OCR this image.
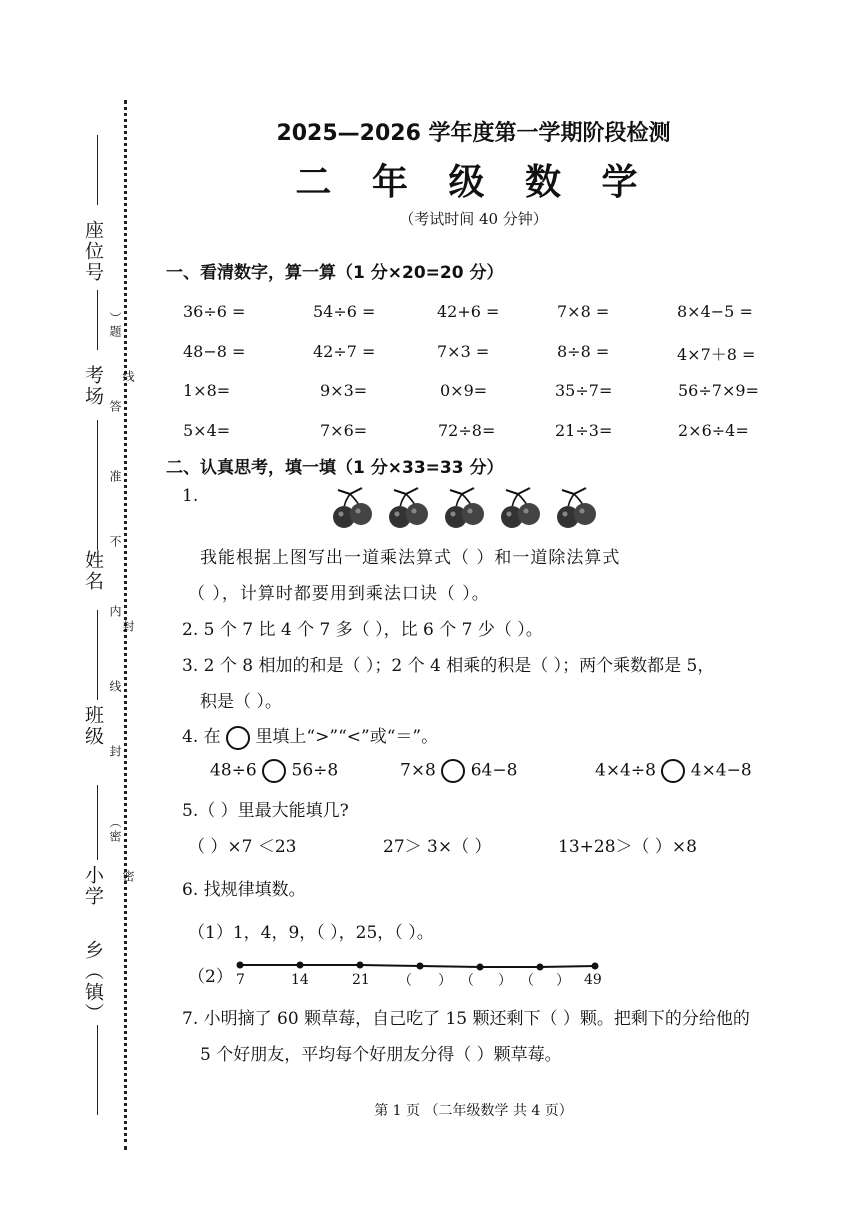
座位号
考场
姓名
班级
小学
乡（镇）
（
密
密
封
封
线
线
内
不
准
答
题
）
2025—2026 学年度第一学期阶段检测
二 年 级 数 学
（考试时间 40 分钟）
一、看清数字，算一算（1 分×20=20 分）
36÷6 =	54÷6 =	42+6 =	7×8 =	8×4−5 =
48−8 =	42÷7 =	7×3 =	8÷8 =	4×7＋8 =
1×8=	9×3=	0×9=	35÷7=	56÷7×9=
5×4=	7×6=	72÷8=	21÷3=	2×6÷4=
二、认真思考，填一填（1 分×33=33 分）
1.
我能根据上图写出一道乘法算式（ ）和一道除法算式
（ ），计算时都要用到乘法口诀（ ）。
2. 5 个 7 比 4 个 7 多（ ），比 6 个 7 少（ ）。
3. 2 个 8 相加的和是（ ）；2 个 4 相乘的积是（ ）；两个乘数都是 5，
积是（ ）。
4. 在 里填上“>”“<”或“＝”。
48÷6 56÷8	7×8 64−8	4×4÷8 4×4−8
5.（ ）里最大能填几?
（ ）×7 ＜23	27＞ 3×（ ）	13+28＞（ ）×8
6. 找规律填数。
（1）1，4，9，（ ），25，（ ）。
（2） 7	14	21 （ ） （ ） （ ） 49
7. 小明摘了 60 颗草莓，自己吃了 15 颗还剩下（ ）颗。把剩下的分给他的
5 个好朋友，平均每个好朋友分得（ ）颗草莓。
第 1 页 （二年级数学 共 4 页）
